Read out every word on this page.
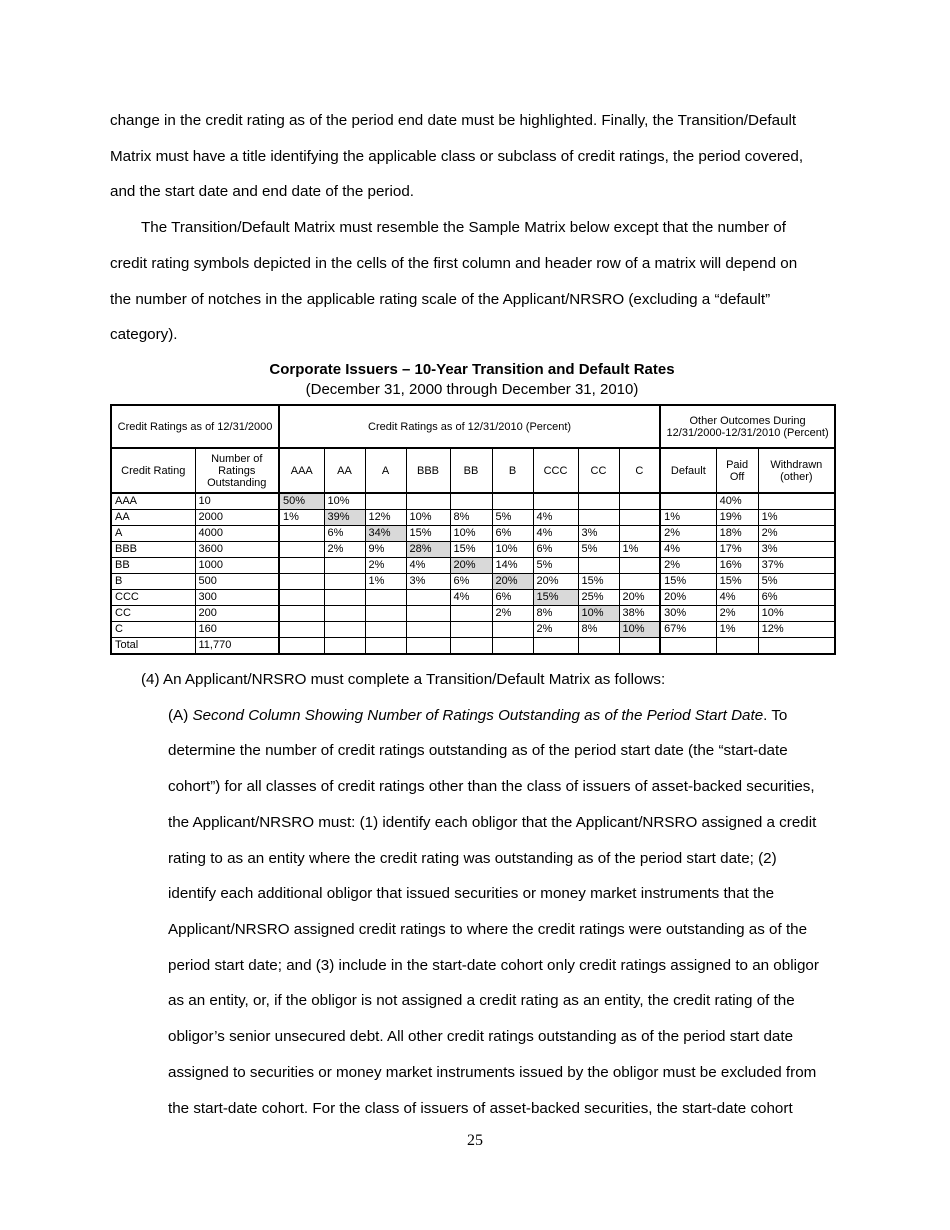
change in the credit rating as of the period end date must be highlighted. Finally, the Transition/Default

Matrix must have a title identifying the applicable class or subclass of credit ratings, the period covered,

and the start date and end date of the period.

The Transition/Default Matrix must resemble the Sample Matrix below except that the number of

credit rating symbols depicted in the cells of the first column and header row of a matrix will depend on

the number of notches in the applicable rating scale of the Applicant/NRSRO (excluding a “default”

category).

Corporate Issuers – 10-Year Transition and Default Rates

(December 31, 2000 through December 31, 2010)

Credit Ratings as of 12/31/2000		Credit Ratings as of 12/31/2010 (Percent)									Other Outcomes During 12/31/2000-12/31/2010 (Percent)		
Credit Rating	Number of Ratings Outstanding	AAA	AA	A	BBB	BB	B	CCC	CC	C	Default	Paid Off	Withdrawn (other)
AAA	10	50%	10%									40%	
AA	2000	1%	39%	12%	10%	8%	5%	4%			1%	19%	1%
A	4000		6%	34%	15%	10%	6%	4%	3%		2%	18%	2%
BBB	3600		2%	9%	28%	15%	10%	6%	5%	1%	4%	17%	3%
BB	1000			2%	4%	20%	14%	5%			2%	16%	37%
B	500			1%	3%	6%	20%	20%	15%		15%	15%	5%
CCC	300					4%	6%	15%	25%	20%	20%	4%	6%
CC	200						2%	8%	10%	38%	30%	2%	10%
C	160							2%	8%	10%	67%	1%	12%
Total	11,770												

(4) An Applicant/NRSRO must complete a Transition/Default Matrix as follows:

(A) Second Column Showing Number of Ratings Outstanding as of the Period Start Date. To

determine the number of credit ratings outstanding as of the period start date (the “start-date

cohort”) for all classes of credit ratings other than the class of issuers of asset-backed securities,

the Applicant/NRSRO must: (1) identify each obligor that the Applicant/NRSRO assigned a credit

rating to as an entity where the credit rating was outstanding as of the period start date; (2)

identify each additional obligor that issued securities or money market instruments that the

Applicant/NRSRO assigned credit ratings to where the credit ratings were outstanding as of the

period start date; and (3) include in the start-date cohort only credit ratings assigned to an obligor

as an entity, or, if the obligor is not assigned a credit rating as an entity, the credit rating of the

obligor’s senior unsecured debt. All other credit ratings outstanding as of the period start date

assigned to securities or money market instruments issued by the obligor must be excluded from

the start-date cohort. For the class of issuers of asset-backed securities, the start-date cohort

25
